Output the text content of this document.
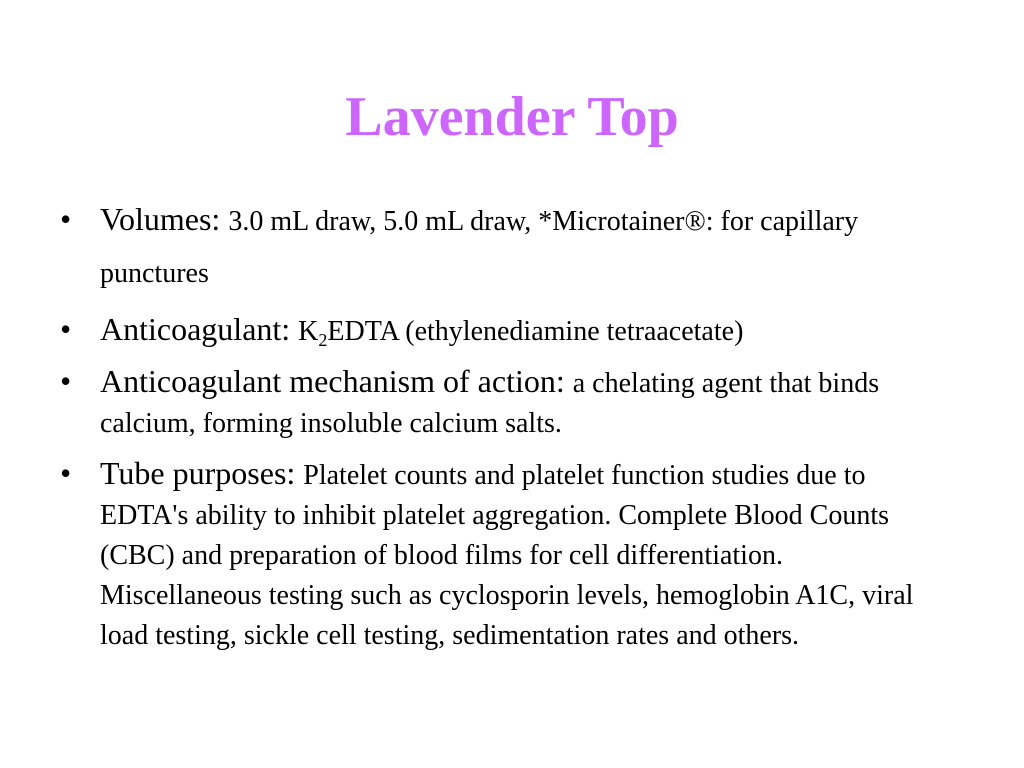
Lavender Top
• Volumes: 3.0 mL draw, 5.0 mL draw, *Microtainer®: for capillary punctures
• Anticoagulant: $K_2EDTA$ (ethylenediamine tetraacetate)
• Anticoagulant mechanism of action: a chelating agent that binds calcium, forming insoluble calcium salts.
• Tube purposes: Platelet counts and platelet function studies due to EDTA's ability to inhibit platelet aggregation. Complete Blood Counts (CBC) and preparation of blood films for cell differentiation. Miscellaneous testing such as cyclosporin levels, hemoglobin A1C, viral load testing, sickle cell testing, sedimentation rates and others.
